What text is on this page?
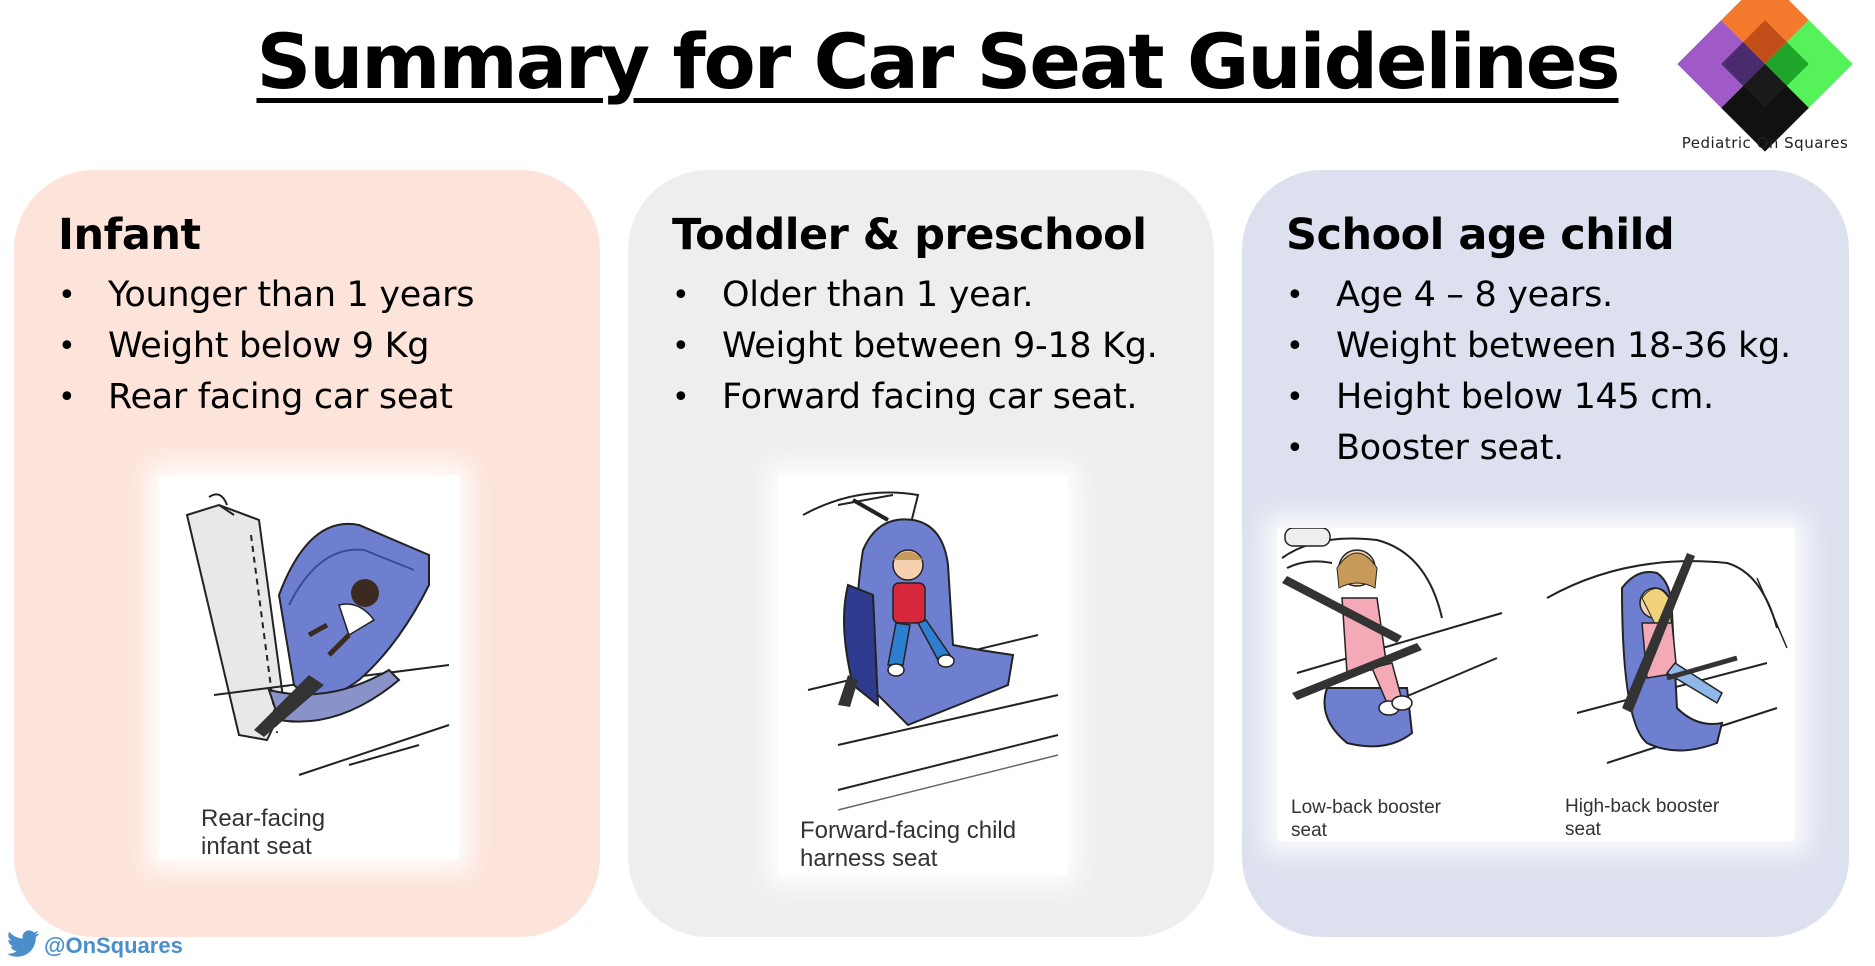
Summary for Car Seat Guidelines
Pediatric On Squares
Infant
• Younger than 1 years
• Weight below 9 Kg
• Rear facing car seat
Rear-facing
infant seat
Toddler & preschool
• Older than 1 year.
• Weight between 9-18 Kg.
• Forward facing car seat.
Forward-facing child
harness seat
School age child
• Age 4 – 8 years.
• Weight between 18-36 kg.
• Height below 145 cm.
• Booster seat.
Low-back booster
seat
High-back booster
seat
@OnSquares
